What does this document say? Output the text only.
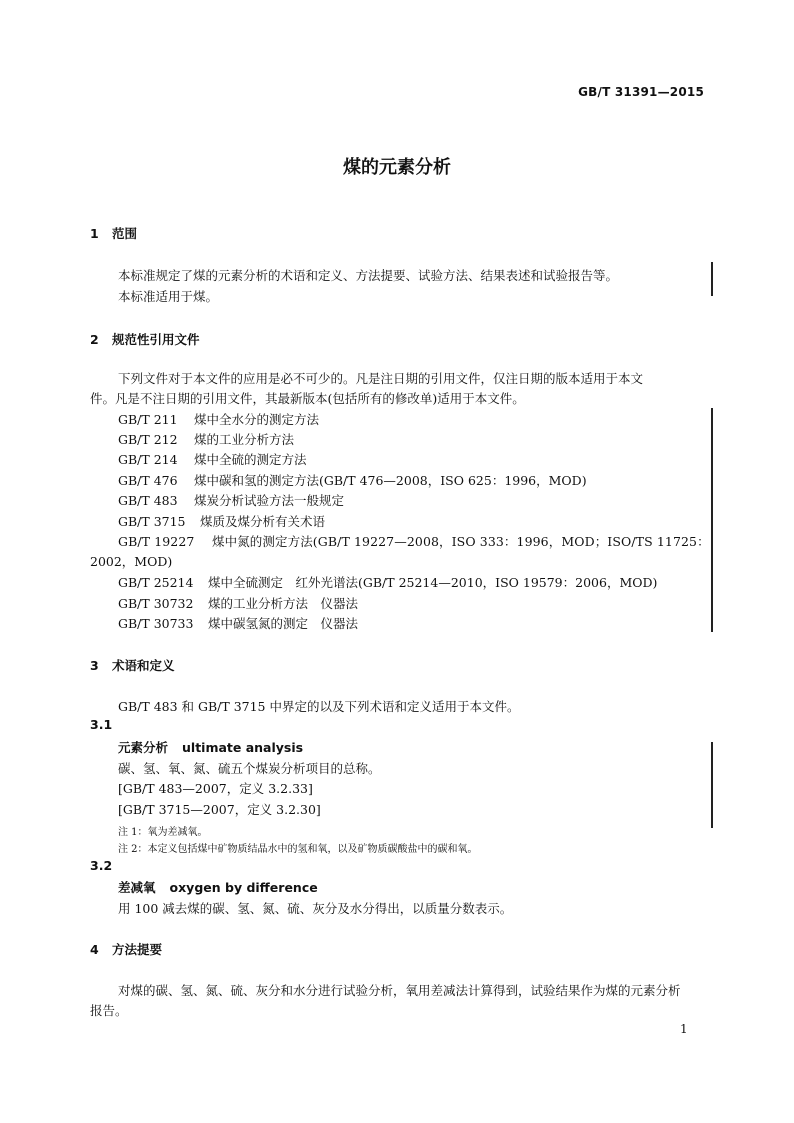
GB/T 31391—2015
煤的元素分析
1 范围
本标准规定了煤的元素分析的术语和定义、方法提要、试验方法、结果表述和试验报告等。
本标准适用于煤。
2 规范性引用文件
下列文件对于本文件的应用是必不可少的。凡是注日期的引用文件，仅注日期的版本适用于本文
件。凡是不注日期的引用文件，其最新版本(包括所有的修改单)适用于本文件。
GB/T 211 煤中全水分的测定方法
GB/T 212 煤的工业分析方法
GB/T 214 煤中全硫的测定方法
GB/T 476 煤中碳和氢的测定方法(GB/T 476—2008，ISO 625：1996，MOD)
GB/T 483 煤炭分析试验方法一般规定
GB/T 3715 煤质及煤分析有关术语
GB/T 19227 煤中氮的测定方法(GB/T 19227—2008，ISO 333：1996，MOD；ISO/TS 11725：
2002，MOD)
GB/T 25214 煤中全硫测定　红外光谱法(GB/T 25214—2010，ISO 19579：2006，MOD)
GB/T 30732 煤的工业分析方法　仪器法
GB/T 30733 煤中碳氢氮的测定　仪器法
3 术语和定义
GB/T 483 和 GB/T 3715 中界定的以及下列术语和定义适用于本文件。
3.1
元素分析 ultimate analysis
碳、氢、氧、氮、硫五个煤炭分析项目的总称。
[GB/T 483—2007，定义 3.2.33]
[GB/T 3715—2007，定义 3.2.30]
注 1：氧为差减氧。
注 2：本定义包括煤中矿物质结晶水中的氢和氧，以及矿物质碳酸盐中的碳和氧。
3.2
差减氧 oxygen by difference
用 100 减去煤的碳、氢、氮、硫、灰分及水分得出，以质量分数表示。
4 方法提要
对煤的碳、氢、氮、硫、灰分和水分进行试验分析，氧用差减法计算得到，试验结果作为煤的元素分析
报告。
1
